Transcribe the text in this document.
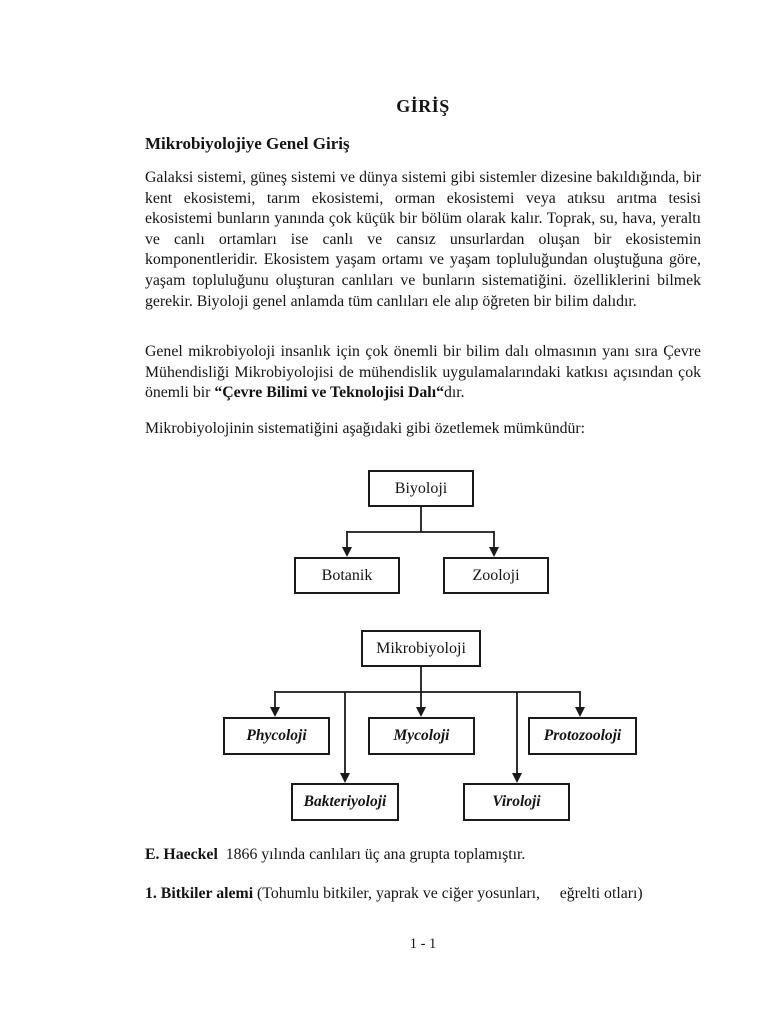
GİRİŞ
Mikrobiyolojiye Genel Giriş
Galaksi sistemi, güneş sistemi ve dünya sistemi gibi sistemler dizesine bakıldığında, bir kent ekosistemi, tarım ekosistemi, orman ekosistemi veya atıksu arıtma tesisi ekosistemi bunların yanında çok küçük bir bölüm olarak kalır. Toprak, su, hava, yeraltı ve canlı ortamları ise canlı ve cansız unsurlardan oluşan bir ekosistemin komponentleridir. Ekosistem yaşam ortamı ve yaşam topluluğundan oluştuğuna göre, yaşam topluluğunu oluşturan canlıları ve bunların sistematiğini. özelliklerini bilmek gerekir. Biyoloji genel anlamda tüm canlıları ele alıp öğreten bir bilim dalıdır.
Genel mikrobiyoloji insanlık için çok önemli bir bilim dalı olmasının yanı sıra Çevre Mühendisliği Mikrobiyolojisi de mühendislik uygulamalarındaki katkısı açısından çok önemli bir “Çevre Bilimi ve Teknolojisi Dalı“dır.
Mikrobiyolojinin sistematiğini aşağıdaki gibi özetlemek mümkündür:
Biyoloji
Botanik	Zooloji
Mikrobiyoloji
Phycoloji	Mycoloji	Protozooloji
Bakteriyoloji	Viroloji
E. Haeckel  1866 yılında canlıları üç ana grupta toplamıştır.
1. Bitkiler alemi (Tohumlu bitkiler, yaprak ve ciğer yosunları,     eğrelti otları)
1 - 1
